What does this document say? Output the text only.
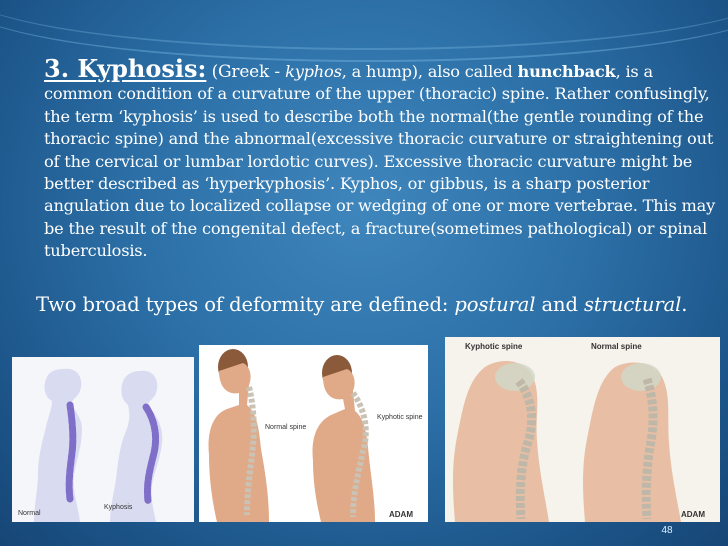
3. Kyphosis: (Greek - kyphos, a hump), also called hunchback, is a common condition of a curvature of the upper (thoracic) spine. Rather confusingly, the term ‘kyphosis’ is used to describe both the normal(the gentle rounding of the thoracic spine) and the abnormal(excessive thoracic curvature or straightening out of the cervical or lumbar lordotic curves). Excessive thoracic curvature might be better described as ‘hyperkyphosis’. Kyphos, or gibbus, is a sharp posterior angulation due to localized collapse or wedging of one or more vertebrae. This may be the result of the congenital defect, a fracture(sometimes pathological) or spinal tuberculosis.
Two broad types of deformity are defined: postural and structural.
Normal
Kyphosis
Normal spine
Kyphotic spine
ADAM
Kyphotic spine	Normal spine
ADAM
48
